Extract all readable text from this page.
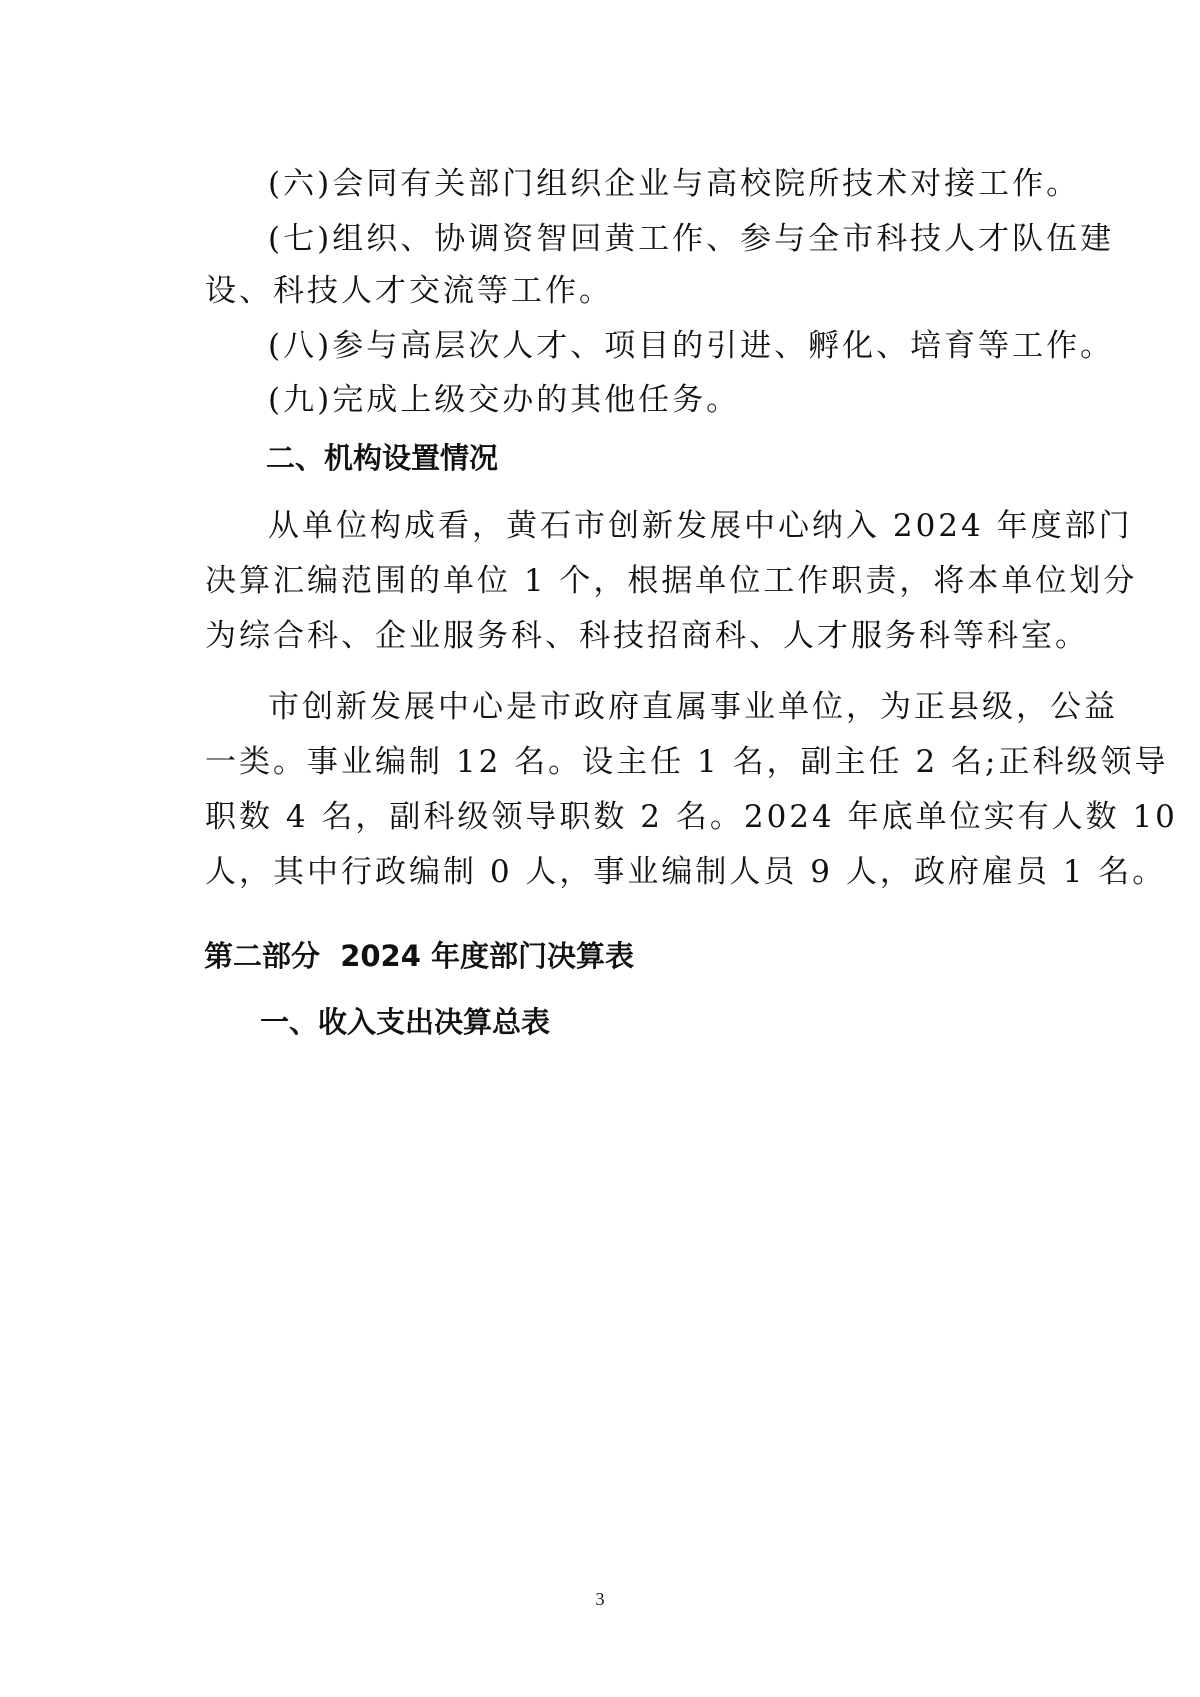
(六)会同有关部门组织企业与高校院所技术对接工作。
(七)组织、协调资智回黄工作、参与全市科技人才队伍建
设、科技人才交流等工作。
(八)参与高层次人才、项目的引进、孵化、培育等工作。
(九)完成上级交办的其他任务。
二、机构设置情况
从单位构成看，黄石市创新发展中心纳入 2024 年度部门
决算汇编范围的单位 1 个，根据单位工作职责，将本单位划分
为综合科、企业服务科、科技招商科、人才服务科等科室。
市创新发展中心是市政府直属事业单位，为正县级，公益
一类。事业编制 12 名。设主任 1 名，副主任 2 名;正科级领导
职数 4 名，副科级领导职数 2 名。2024 年底单位实有人数 10
人，其中行政编制 0 人，事业编制人员 9 人，政府雇员 1 名。
第二部分  2024 年度部门决算表
一、收入支出决算总表
3
